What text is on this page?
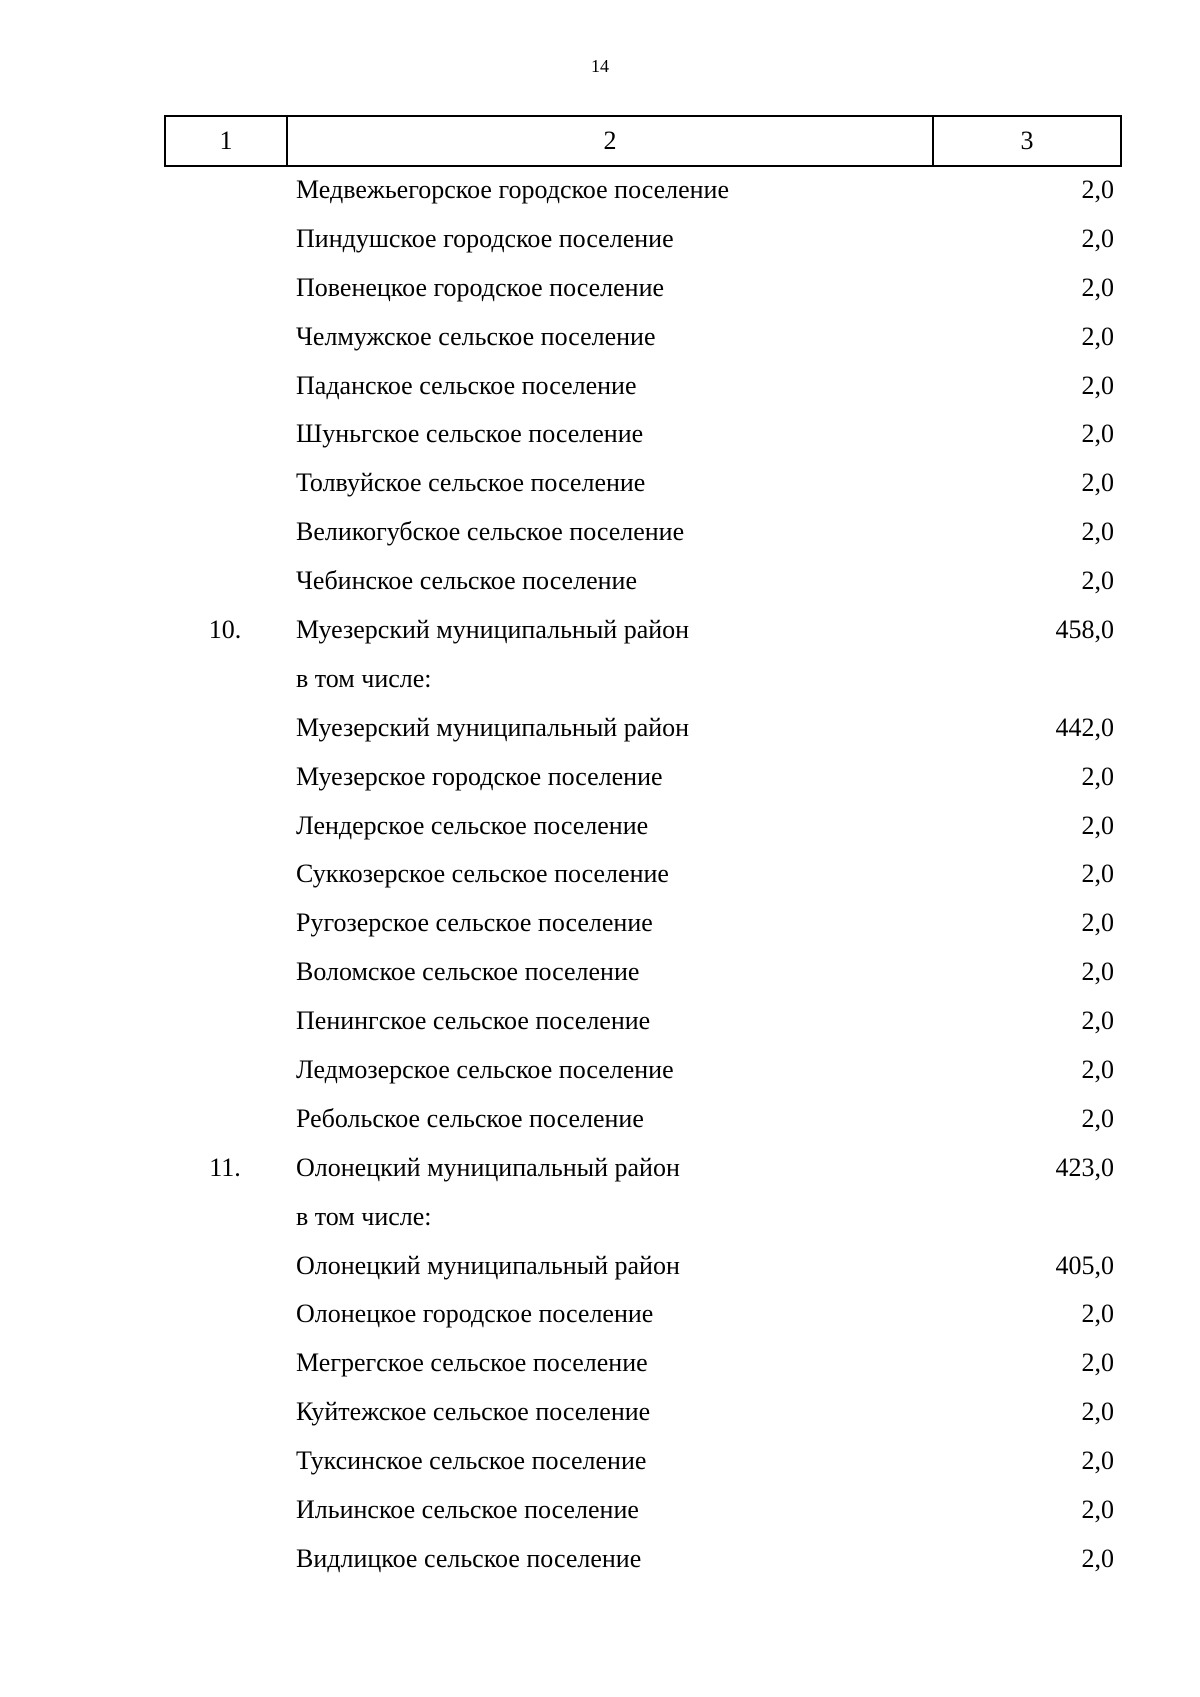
14
1	2	3
Медвежьегорское городское поселение	2,0
Пиндушское городское поселение	2,0
Повенецкое городское поселение	2,0
Челмужское сельское поселение	2,0
Паданское сельское поселение	2,0
Шуньгское сельское поселение	2,0
Толвуйское сельское поселение	2,0
Великогубское сельское поселение	2,0
Чебинское сельское поселение	2,0
10.	Муезерский муниципальный район	458,0
в том числе:
Муезерский муниципальный район	442,0
Муезерское городское поселение	2,0
Лендерское сельское поселение	2,0
Суккозерское сельское поселение	2,0
Ругозерское сельское поселение	2,0
Воломское сельское поселение	2,0
Пенингское сельское поселение	2,0
Ледмозерское сельское поселение	2,0
Ребольское сельское поселение	2,0
11.	Олонецкий муниципальный район	423,0
в том числе:
Олонецкий муниципальный район	405,0
Олонецкое городское поселение	2,0
Мегрегское сельское поселение	2,0
Куйтежское сельское поселение	2,0
Туксинское сельское поселение	2,0
Ильинское сельское поселение	2,0
Видлицкое сельское поселение	2,0
